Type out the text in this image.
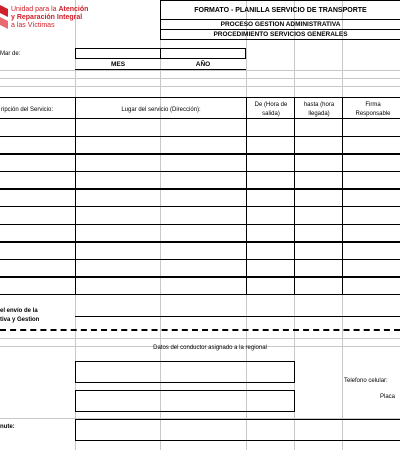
Unidad para la Atención
y Reparación Integral
a las Víctimas
FORMATO - PLANILLA SERVICIO DE TRANSPORTE
PROCESO GESTION ADMINISTRATIVA
PROCEDIMIENTO SERVICIOS GENERALES
Mar de:
MES	AÑO
ripción del Servicio:	Lugar del servicio (Dirección):
De (Hora de salida)
hasta (hora llegada)
Firma Responsable
el envío de la
tiva y Gestion
Datos del conductor asignado a la regional
Telefono celular:
Placa
nute:
